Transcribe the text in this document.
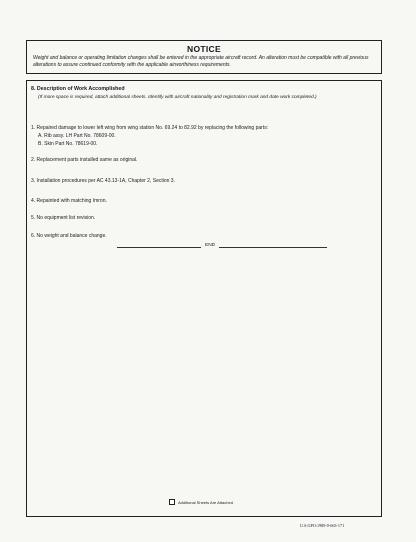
NOTICE
Weight and balance or operating limitation changes shall be entered in the appropriate aircraft record. An alteration must be compatible with all previous alterations to assure continued conformity with the applicable airworthiness requirements.
8. Description of Work Accomplished
(If more space is required, attach additional sheets. Identify with aircraft nationality and registration mark and date work completed.)
1. Repaired damage to lower left wing from wing station No. 69.24 to 82.92 by replacing the following parts:
A. Rib assy. LH Part No. 78609-00.
B. Skin Part No. 78619-00.
2. Replacement parts installed same as original.
3. Installation procedures per AC 43.13-1A, Chapter 2, Section 3.
4. Repainted with matching Imron.
5. No equipment list revision.
6. No weight and balance change.
END
Additional Sheets Are Attached
U.S.GPO:1989-0-663-171
